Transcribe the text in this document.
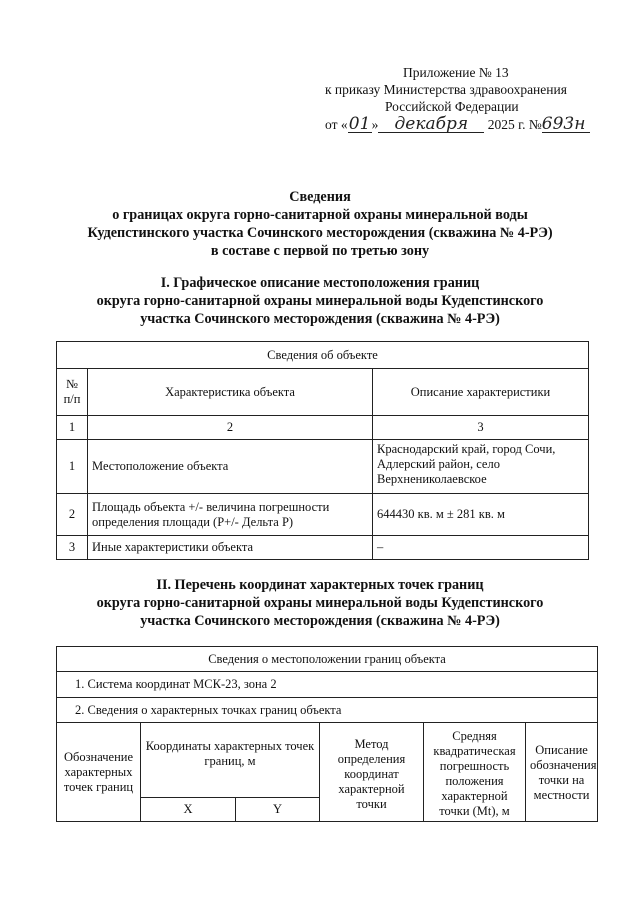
Приложение № 13
к приказу Министерства здравоохранения
Российской Федерации
от «01» декабря 2025 г. №693н
Сведения
о границах округа горно-санитарной охраны минеральной воды
Кудепстинского участка Сочинского месторождения (скважина № 4-РЭ)
в составе с первой по третью зону
I. Графическое описание местоположения границ
округа горно-санитарной охраны минеральной воды Кудепстинского
участка Сочинского месторождения (скважина № 4-РЭ)
Сведения об объекте		
№
п/п	Характеристика объекта	Описание характеристики
1	2	3
1	Местоположение объекта	Краснодарский край, город Сочи, Адлерский район, село Верхнениколаевское
2	Площадь объекта +/- величина погрешности определения площади (P+/- Дельта P)	644430 кв. м ± 281 кв. м
3	Иные характеристики объекта	–
II. Перечень координат характерных точек границ
округа горно-санитарной охраны минеральной воды Кудепстинского
участка Сочинского месторождения (скважина № 4-РЭ)
Сведения о местоположении границ объекта					
1. Система координат МСК-23, зона 2					
2. Сведения о характерных точках границ объекта					
Обозначение характерных точек границ	Координаты характерных точек границ, м		Метод определения координат характерной точки	Средняя квадратическая погрешность положения характерной точки (Mt), м	Описание обозначения точки на местности
	X	Y			
